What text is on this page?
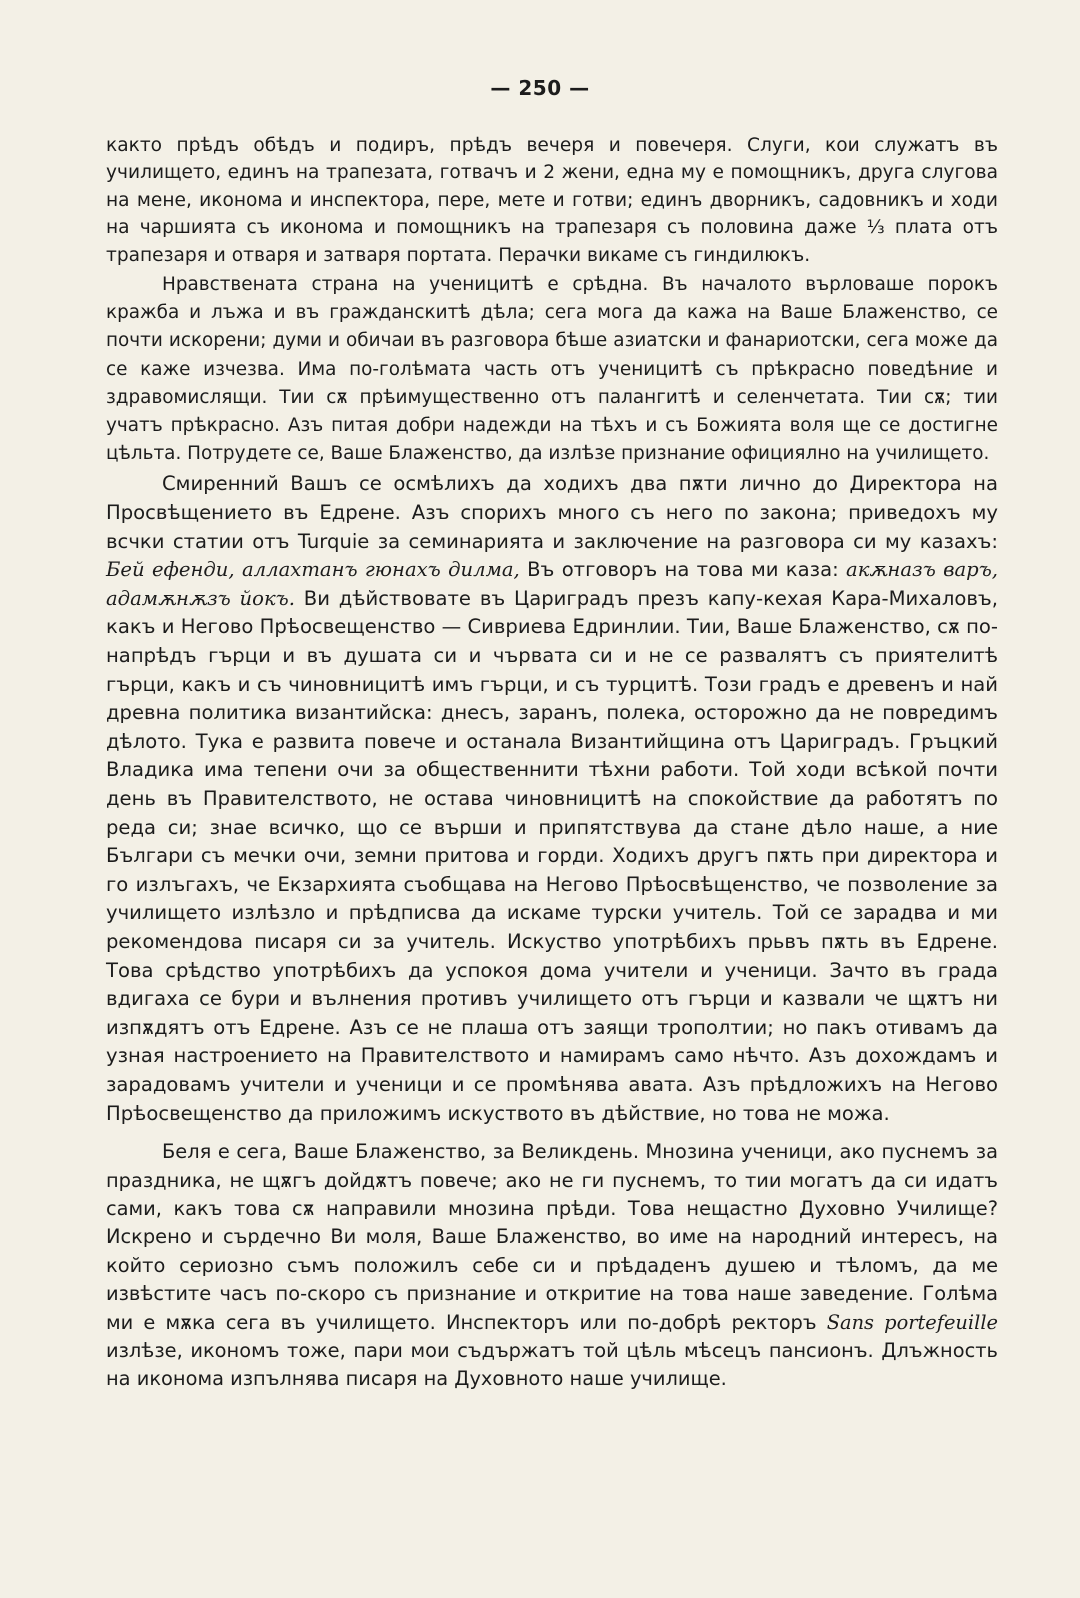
— 250 —

както прѣдъ обѣдъ и подиръ, прѣдъ вечеря и повечеря. Слуги, кои служатъ въ училището, единъ на трапезата, готвачъ и 2 жени, една му е помощникъ, друга слугова на мене, иконома и инспектора, пере, мете и готви; единъ дворникъ, садовникъ и ходи на чаршията съ иконома и помощникъ на трапезаря съ половина даже ⅓ плата отъ трапезаря и отваря и затваря портата. Перачки викаме съ гиндилюкъ.

Нравствената страна на ученицитѣ е срѣдна. Въ началото върловаше порокъ кражба и лъжа и въ гражданскитѣ дѣла; сега мога да кажа на Ваше Блаженство, се почти искорени; думи и обичаи въ разговора бѣше азиатски и фанариотски, сега може да се каже изчезва. Има по-голѣмата часть отъ ученицитѣ съ прѣкрасно поведѣние и здравомислящи. Тии сѫ прѣимущественно отъ палангитѣ и селенчетата. Тии сѫ; тии учатъ прѣкрасно. Азъ питая добри надежди на тѣхъ и съ Божията воля ще се достигне цѣльта. Потрудете се, Ваше Блаженство, да излѣзе признание официялно на училището.

Смиренний Вашъ се осмѣлихъ да ходихъ два пѫти лично до Директора на Просвѣщението въ Едрене. Азъ спорихъ много съ него по закона; приведохъ му всчки статии отъ Turquie за семинарията и заключение на разговора си му казахъ: Бей ефенди, аллахтанъ гюнахъ дилма, Въ отговоръ на това ми каза: акѫназъ варъ, адамѫнѫзъ йокъ. Ви дѣйствовате въ Цариградъ презъ капу-кехая Кара-Михаловъ, какъ и Негово Прѣосвещенство — Сивриева Едринлии. Тии, Ваше Блаженство, сѫ по-напрѣдъ гърци и въ душата си и чървата си и не се развалятъ съ приятелитѣ гърци, какъ и съ чиновницитѣ имъ гърци, и съ турцитѣ. Този градъ е древенъ и най древна политика византийска: днесъ, заранъ, полека, осторожно да не повредимъ дѣлото. Тука е развита повече и останала Византийщина отъ Цариградъ. Гръцкий Владика има тепени очи за общественнити тѣхни работи. Той ходи всѣкой почти день въ Правителството, не остава чиновницитѣ на спокойствие да работятъ по реда си; знае всичко, що се върши и припятствува да стане дѣло наше, а ние Българи съ мечки очи, земни притова и горди. Ходихъ другъ пѫть при директора и го излъгахъ, че Екзархията съобщава на Негово Прѣосвѣщенство, че позволение за училището излѣзло и прѣдписва да искаме турски учитель. Той се зарадва и ми рекомендова писаря си за учитель. Искуство употрѣбихъ прьвъ пѫть въ Едрене. Това срѣдство употрѣбихъ да успокоя дома учители и ученици. Зачто въ града вдигаха се бури и вълнения противъ училището отъ гърци и казвали че щѫтъ ни изпѫдятъ отъ Едрене. Азъ се не плаша отъ заящи трополтии; но пакъ отивамъ да узная настроението на Правителството и намирамъ само нѣчто. Азъ дохождамъ и зарадовамъ учители и ученици и се промѣнява авата. Азъ прѣдложихъ на Негово Прѣосвещенство да приложимъ искуството въ дѣйствие, но това не можа.

Беля е сега, Ваше Блаженство, за Великдень. Мнозина ученици, ако пуснемъ за праздника, не щѫгъ дойдѫтъ повече; ако не ги пуснемъ, то тии могатъ да си идатъ сами, какъ това сѫ направили мнозина прѣди. Това нещастно Духовно Училище? Искрено и сърдечно Ви моля, Ваше Блаженство, во име на народний интересъ, на който сериозно съмъ положилъ себе си и прѣдаденъ душею и тѣломъ, да ме извѣстите часъ по-скоро съ признание и откритие на това наше заведение. Голѣма ми е мѫка сега въ училището. Инспекторъ или по-добрѣ ректоръ Sans portefeuille излѣзе, икономъ тоже, пари мои съдържатъ той цѣль мѣсецъ пансионъ. Длъжность на иконома изпълнява писаря на Духовното наше училище.
